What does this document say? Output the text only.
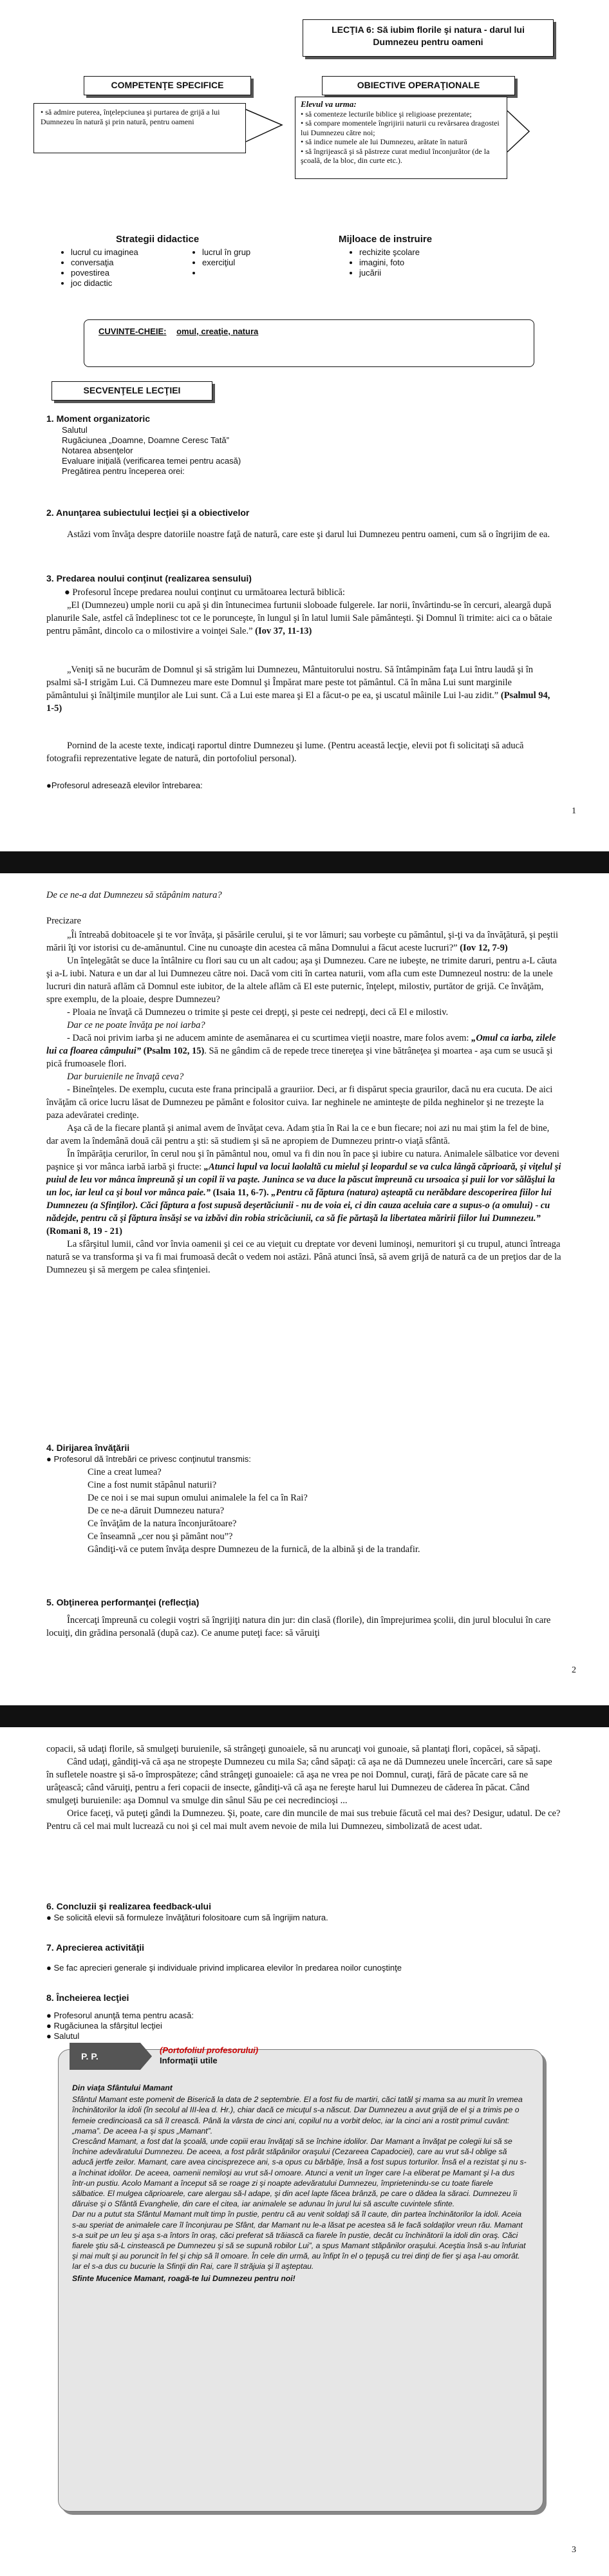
LECŢIA 6: Să iubim florile şi natura - darul lui Dumnezeu pentru oameni
COMPETENŢE SPECIFICE
• să admire puterea, înţelepciunea şi purtarea de grijă a lui Dumnezeu în natură şi prin natură, pentru oameni
OBIECTIVE OPERAŢIONALE
Elevul va urma:
• să comenteze lecturile biblice şi religioase prezentate;
• să compare momentele îngrijirii naturii cu revărsarea dragostei lui Dumnezeu către noi;
• să indice numele ale lui Dumnezeu, arătate în natură
• să îngrijească şi să păstreze curat mediul înconjurător (de la şcoală, de la bloc, din curte etc.).
Strategii didactice
• lucrul cu imaginea
• conversaţia
• povestirea
• joc didactic
• lucrul în grup
• exerciţiul
•
Mijloace de instruire
• rechizite şcolare
• imagini, foto
• jucării
CUVINTE-CHEIE: omul, creaţie, natura
SECVENŢELE LECŢIEI
1. Moment organizatoric
Salutul
Rugăciunea „Doamne, Doamne Ceresc Tată”
Notarea absenţelor
Evaluare iniţială (verificarea temei pentru acasă)
Pregătirea pentru începerea orei:
2. Anunţarea subiectului lecţiei şi a obiectivelor

Astăzi vom învăţa despre datoriile noastre faţă de natură, care este şi darul lui Dumnezeu pentru oameni, cum să o îngrijim de ea.

3. Predarea noului conţinut (realizarea sensului)

● Profesorul începe predarea noului conţinut cu următoarea lectură biblică:

„El (Dumnezeu) umple norii cu apă şi din întunecimea furtunii sloboade fulgerele. Iar norii, învârtindu-se în cercuri, aleargă după planurile Sale, astfel că îndeplinesc tot ce le porunceşte, în lungul şi în latul lumii Sale pământeşti. Şi Domnul îi trimite: aici ca o bătaie pentru pământ, dincolo ca o milostivire a voinţei Sale.” (Iov 37, 11-13)

„Veniţi să ne bucurăm de Domnul şi să strigăm lui Dumnezeu, Mântuitorului nostru. Să întâmpinăm faţa Lui întru laudă şi în psalmi să-I strigăm Lui. Că Dumnezeu mare este Domnul şi Împărat mare peste tot pământul. Că în mâna Lui sunt marginile pământului şi înălţimile munţilor ale Lui sunt. Că a Lui este marea şi El a făcut-o pe ea, şi uscatul mâinile Lui l-au zidit.” (Psalmul 94, 1-5)

Pornind de la aceste texte, indicaţi raportul dintre Dumnezeu şi lume. (Pentru această lecţie, elevii pot fi solicitaţi să aducă fotografii reprezentative legate de natură, din portofoliul personal).

●Profesorul adresează elevilor întrebarea:

1

De ce ne-a dat Dumnezeu să stăpânim natura?

Precizare

„Îi întreabă dobitoacele şi te vor învăţa, şi păsările cerului, şi te vor lămuri; sau vorbeşte cu pământul, şi-ţi va da învăţătură, şi peştii mării îţi vor istorisi cu de-amănuntul. Cine nu cunoaşte din acestea că mâna Domnului a făcut aceste lucruri?” (Iov 12, 7-9)

Un înţelegătât se duce la întâlnire cu flori sau cu un alt cadou; aşa şi Dumnezeu. Care ne iubeşte, ne trimite daruri, pentru a-L căuta şi a-L iubi. Natura e un dar al lui Dumnezeu către noi. Dacă vom citi în cartea naturii, vom afla cum este Dumnezeul nostru: de la unele lucruri din natură aflăm că Domnul este iubitor, de la altele aflăm că El este puternic, înţelept, milostiv, purtător de grijă. Ce învăţăm, spre exemplu, de la ploaie, despre Dumnezeu?

- Ploaia ne învaţă că Dumnezeu o trimite şi peste cei drepţi, şi peste cei nedrepţi, deci că El e milostiv.

Dar ce ne poate învăţa pe noi iarba?

- Dacă noi privim iarba şi ne aducem aminte de asemănarea ei cu scurtimea vieţii noastre, mare folos avem: „Omul ca iarba, zilele lui ca floarea câmpului” (Psalm 102, 15). Să ne gândim că de repede trece tinereţea şi vine bătrâneţea şi moartea - aşa cum se usucă şi pică frumoasele flori.

Dar buruienile ne învaţă ceva?

- Bineînţeles. De exemplu, cucuta este frana principală a grauriior. Deci, ar fi dispărut specia graurilor, dacă nu era cucuta. De aici învăţăm că orice lucru lăsat de Dumnezeu pe pământ e folositor cuiva. Iar neghinele ne aminteşte de pilda neghinelor şi ne trezeşte la paza adevăratei credinţe.

Aşa că de la fiecare plantă şi animal avem de învăţat ceva. Adam ştia în Rai la ce e bun fiecare; noi azi nu mai ştim la fel de bine, dar avem la îndemână două căi pentru a şti: să studiem şi să ne apropiem de Dumnezeu printr-o viaţă sfântă.

În împărăţia cerurilor, în cerul nou şi în pământul nou, omul va fi din nou în pace şi iubire cu natura. Animalele sălbatice vor deveni paşnice şi vor mânca iarbă iarbă şi fructe: „Atunci lupul va locui laolaltă cu mielul şi leopardul se va culca lângă căprioară, şi viţelul şi puiul de leu vor mânca împreună şi un copil îi va paşte. Juninca se va duce la păscut împreună cu ursoaica şi puii lor vor sălăşlui la un loc, iar leul ca şi boul vor mânca paie.” (Isaia 11, 6-7). „Pentru că făptura (natura) aşteaptă cu nerăbdare descoperirea fiilor lui Dumnezeu (a Sfinţilor). Căci făptura a fost supusă deşertăciunii - nu de voia ei, ci din cauza aceluia care a supus-o (a omului) - cu nădejde, pentru că şi făptura însăşi se va izbăvi din robia stricăciunii, ca să fie părtaşă la libertatea măririi fiilor lui Dumnezeu.” (Romani 8, 19 - 21)

La sfârşitul lumii, când vor învia oamenii şi cei ce au vieţuit cu dreptate vor deveni luminoşi, nemuritori şi cu trupul, atunci întreaga natură se va transforma şi va fi mai frumoasă decât o vedem noi astăzi. Până atunci însă, să avem grijă de natură ca de un preţios dar de la Dumnezeu şi să mergem pe calea sfinţeniei.

4. Dirijarea învăţării
● Profesorul dă întrebări ce privesc conţinutul transmis:
Cine a creat lumea?
Cine a fost numit stăpânul naturii?
De ce noi i se mai supun omului animalele la fel ca în Rai?
De ce ne-a dăruit Dumnezeu natura?
Ce învăţăm de la natura înconjurătoare?
Ce înseamnă „cer nou şi pământ nou”?
Gândiţi-vă ce putem învăţa despre Dumnezeu de la furnică, de la albină şi de la trandafir.
5. Obţinerea performanţei (reflecţia)

Încercaţi împreună cu colegii voştri să îngrijiţi natura din jur: din clasă (florile), din împrejurimea şcolii, din jurul blocului în care locuiţi, din grădina personală (după caz). Ce anume puteţi face: să văruiţi

2

copacii, să udaţi florile, să smulgeţi buruienile, să strângeţi gunoaiele, să nu aruncaţi voi gunoaie, să plantaţi flori, copăcei, să săpaţi.

Când udaţi, gândiţi-vă că aşa ne stropeşte Dumnezeu cu mila Sa; când săpaţi: că aşa ne dă Dumnezeu unele încercări, care să sape în sufletele noastre şi să-o împrospăteze; când strângeţi gunoaiele: că aşa ne vrea pe noi Domnul, curaţi, fără de păcate care să ne urâţească; când văruiţi, pentru a feri copacii de insecte, gândiţi-vă că aşa ne fereşte harul lui Dumnezeu de căderea în păcat. Când smulgeţi buruienile: aşa Domnul va smulge din sânul Său pe cei necredincioşi ...

Orice faceţi, vă puteţi gândi la Dumnezeu. Şi, poate, care din muncile de mai sus trebuie făcută cel mai des? Desigur, udatul. De ce? Pentru că cel mai mult lucrează cu noi şi cel mai mult avem nevoie de mila lui Dumnezeu, simbolizată de acest udat.

6. Concluzii şi realizarea feedback-ului
● Se solicită elevii să formuleze învăţături folositoare cum să îngrijim natura.
7. Aprecierea activităţii
● Se fac aprecieri generale şi individuale privind implicarea elevilor în predarea noilor cunoştinţe
8. Încheierea lecţiei
● Profesorul anunţă tema pentru acasă:
● Rugăciunea la sfârşitul lecţiei
● Salutul
P. P.
(Portofoliul profesorului)
Informaţii utile
Din viaţa Sfântului Mamant
Sfântul Mamant este pomenit de Biserică la data de 2 septembrie. El a fost fiu de martiri, căci tatăl şi mama sa au murit în vremea închinătorilor la idoli (în secolul al III-lea d. Hr.), chiar dacă ce micuţul s-a născut. Dar Dumnezeu a avut grijă de el şi a trimis pe o femeie credincioasă ca să îl crească. Până la vârsta de cinci ani, copilul nu a vorbit deloc, iar la cinci ani a rostit primul cuvânt: „mama”. De aceea l-a şi spus „Mamant”.
Crescând Mamant, a fost dat la şcoală, unde copiii erau învăţaţi să se închine idolilor. Dar Mamant a învăţat pe colegii lui să se închine adevăratului Dumnezeu. De aceea, a fost pârât stăpânilor oraşului (Cezareea Capadociei), care au vrut să-l oblige să aducă jertfe zeilor. Mamant, care avea cincisprezece ani, s-a opus cu bărbăţie, însă a fost supus torturilor. Însă el a rezistat şi nu s-a închinat idolilor. De aceea, oamenii nemiloşi au vrut să-l omoare. Atunci a venit un înger care l-a eliberat pe Mamant şi l-a dus într-un pustiu. Acolo Mamant a început să se roage zi şi noapte adevăratului Dumnezeu, împrietenindu-se cu toate fiarele sălbatice. El mulgea căprioarele, care alergau să-l adape, şi din acel lapte făcea brânză, pe care o dădea la săraci. Dumnezeu îi dăruise şi o Sfântă Evanghelie, din care el citea, iar animalele se adunau în jurul lui să asculte cuvintele sfinte.
Dar nu a putut sta Sfântul Mamant mult timp în pustie, pentru că au venit soldaţi să îl caute, din partea închinătorilor la idoli. Aceia s-au speriat de animalele care îl înconjurau pe Sfânt, dar Mamant nu le-a lăsat pe acestea să le facă soldaţilor vreun rău. Mamant s-a suit pe un leu şi aşa s-a întors în oraş, căci preferat să trăiască ca fiarele în pustie, decât cu închinătorii la idoli din oraş. Căci fiarele ştiu să-L cinstească pe Dumnezeu şi să se supună robilor Lui”, a spus Mamant stăpânilor oraşului. Aceştia însă s-au înfuriat şi mai mult şi au poruncit în fel şi chip să îl omoare. În cele din urmă, au înfipt în el o ţepuşă cu trei dinţi de fier şi aşa l-au omorât. Iar el s-a dus cu bucurie la Sfinţii din Rai, care îl străjuia şi îl aşteptau.
Sfinte Mucenice Mamant, roagă-te lui Dumnezeu pentru noi!
3
